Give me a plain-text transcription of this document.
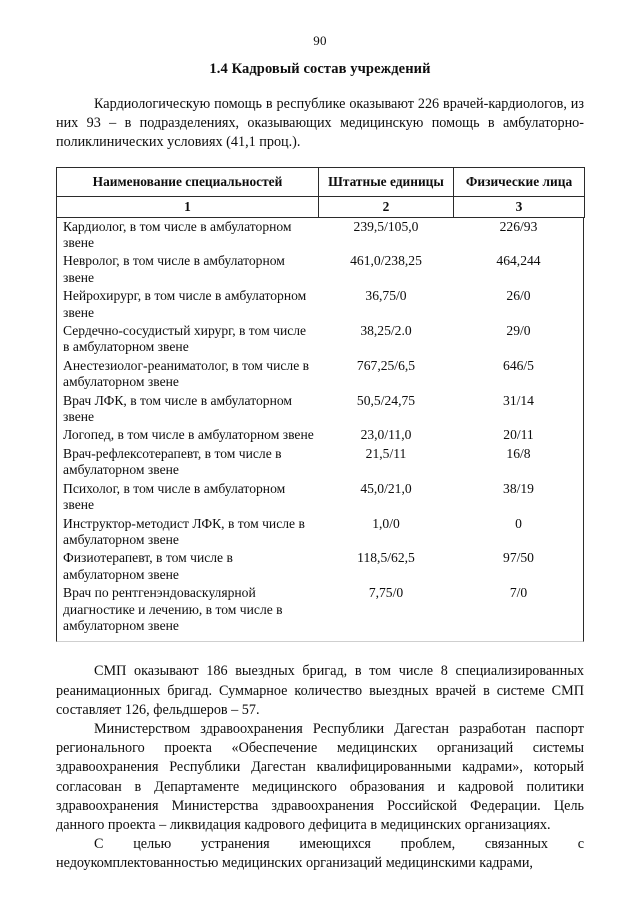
90
1.4 Кадровый состав учреждений

Кардиологическую помощь в республике оказывают 226 врачей-кардиологов, из них 93 – в подразделениях, оказывающих медицинскую помощь в амбулаторно-поликлинических условиях (41,1 проц.).

Наименование специальностей	Штатные единицы	Физические лица
1	2	3
Кардиолог, в том числе в амбулаторном звене	239,5/105,0	226/93
Невролог, в том числе в амбулаторном звене	461,0/238,25	464,244
Нейрохирург, в том числе в амбулаторном звене	36,75/0	26/0
Сердечно-сосудистый хирург, в том числе в амбулаторном звене	38,25/2.0	29/0
Анестезиолог-реаниматолог, в том числе в амбулаторном звене	767,25/6,5	646/5
Врач ЛФК, в том числе в амбулаторном звене	50,5/24,75	31/14
Логопед, в том числе в амбулаторном звене	23,0/11,0	20/11
Врач-рефлексотерапевт, в том числе в амбулаторном звене	21,5/11	16/8
Психолог, в том числе в амбулаторном звене	45,0/21,0	38/19
Инструктор-методист ЛФК, в том числе в амбулаторном звене	1,0/0	0
Физиотерапевт, в том числе в амбулаторном звене	118,5/62,5	97/50
Врач по рентгенэндоваскулярной диагностике и лечению, в том числе в амбулаторном звене	7,75/0	7/0

СМП оказывают 186 выездных бригад, в том числе 8 специализированных реанимационных бригад. Суммарное количество выездных врачей в системе СМП составляет 126, фельдшеров – 57.

Министерством здравоохранения Республики Дагестан разработан паспорт регионального проекта «Обеспечение медицинских организаций системы здравоохранения Республики Дагестан квалифицированными кадрами», который согласован в Департаменте медицинского образования и кадровой политики здравоохранения Министерства здравоохранения Российской Федерации. Цель данного проекта – ликвидация кадрового дефицита в медицинских организациях.

С целью устранения имеющихся проблем, связанных с недоукомплектованностью медицинских организаций медицинскими кадрами,
